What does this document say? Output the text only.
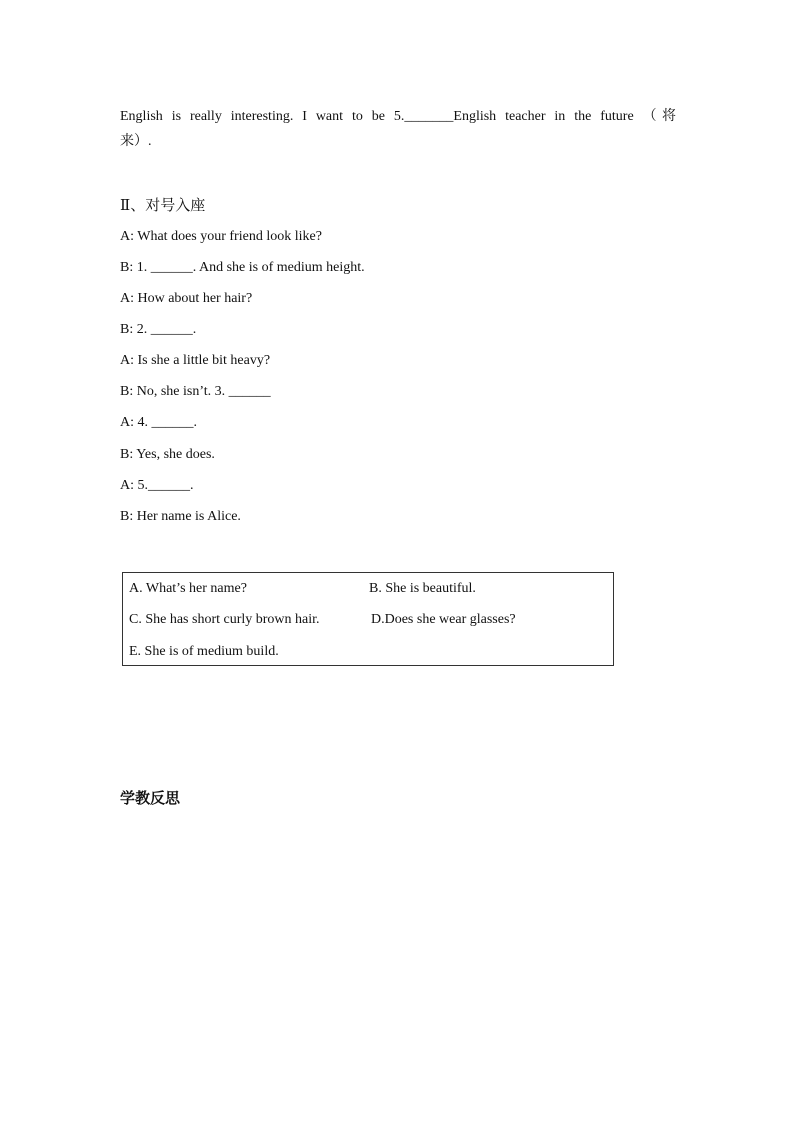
English is really interesting. I want to be 5._______English teacher in the future （将
来）.
Ⅱ、对号入座
A: What does your friend look like?
B: 1. ______. And she is of medium height.
A: How about her hair?
B: 2. ______.
A: Is she a little bit heavy?
B: No, she isn’t. 3. ______
A: 4. ______.
B: Yes, she does.
A: 5.______.
B: Her name is Alice.
A. What’s her name?	B. She is beautiful.
C. She has short curly brown hair.	D.Does she wear glasses?
E. She is of medium build.
学教反思
